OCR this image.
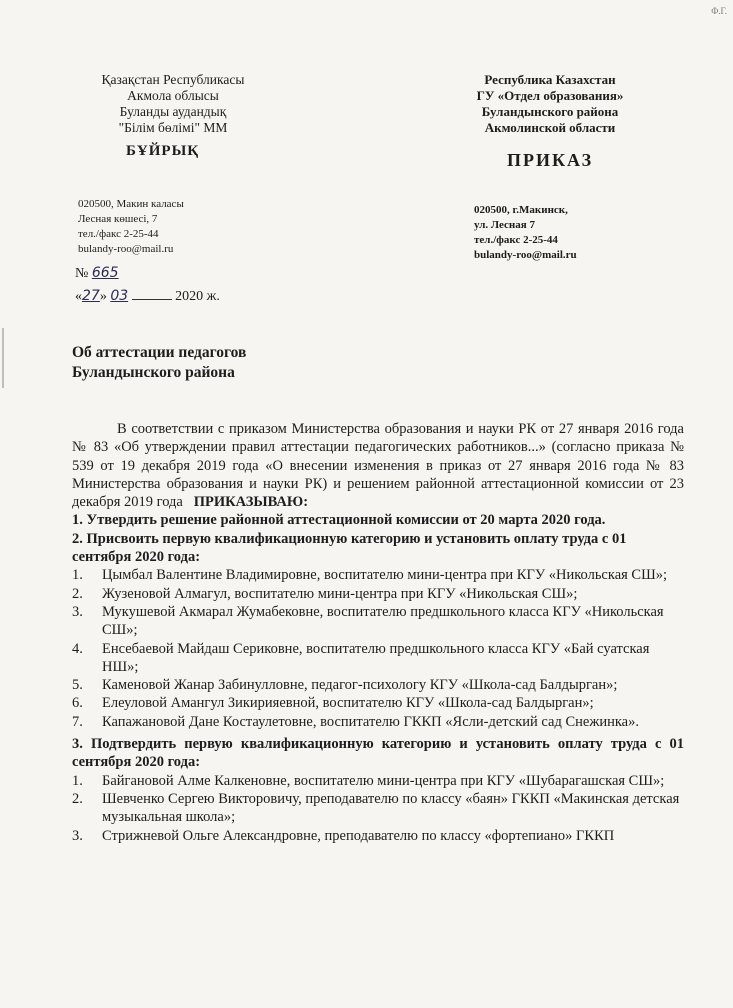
Ф.Г.
Қазақстан Республикасы
Акмола облысы
Буланды аудандық
"Білім бөлімі" ММ
Республика Казахстан
ГУ «Отдел образования»
Буландынского района
Акмолинской области
БҰЙРЫҚ	ПРИКАЗ
020500, Макин каласы
Лесная көшесі, 7
тел./факс 2-25-44
bulandy-roo@mail.ru
020500, г.Макинск,
ул. Лесная 7
тел./факс 2-25-44
bulandy-roo@mail.ru
№ 665
«27» 03	2020 ж.
Об аттестации педагогов
Буландынского района

В соответствии с приказом Министерства образования и науки РК от 27 января 2016 года № 83 «Об утверждении правил аттестации педагогических работников...» (согласно приказа № 539 от 19 декабря 2019 года «О внесении изменения в приказ от 27 января 2016 года № 83 Министерства образования и науки РК) и решением районной аттестационной комиссии от 23 декабря 2019 года ПРИКАЗЫВАЮ:

1. Утвердить решение районной аттестационной комиссии от 20 марта 2020 года.

2. Присвоить первую квалификационную категорию и установить оплату труда с 01 сентября 2020 года:

1. Цымбал Валентине Владимировне, воспитателю мини-центра при КГУ «Никольская СШ»;
2. Жузеновой Алмагул, воспитателю мини-центра при КГУ «Никольская СШ»;
3. Мукушевой Акмарал Жумабековне, воспитателю предшкольного класса КГУ «Никольская СШ»;
4. Енсебаевой Майдаш Сериковне, воспитателю предшкольного класса КГУ «Бай суатская НШ»;
5. Каменовой Жанар Забинулловне, педагог-психологу КГУ «Школа-сад Балдырган»;
6. Елеуловой Амангул Зикирияевной, воспитателю КГУ «Школа-сад Балдырган»;
7. Капажановой Дане Костаулетовне, воспитателю ГККП «Ясли-детский сад Снежинка».

3. Подтвердить первую квалификационную категорию и установить оплату труда с 01 сентября 2020 года:

1. Байгановой Алме Калкеновне, воспитателю мини-центра при КГУ «Шубарагашская СШ»;
2. Шевченко Сергею Викторовичу, преподавателю по классу «баян» ГККП «Макинская детская музыкальная школа»;
3. Стрижневой Ольге Александровне, преподавателю по классу «фортепиано» ГККП
